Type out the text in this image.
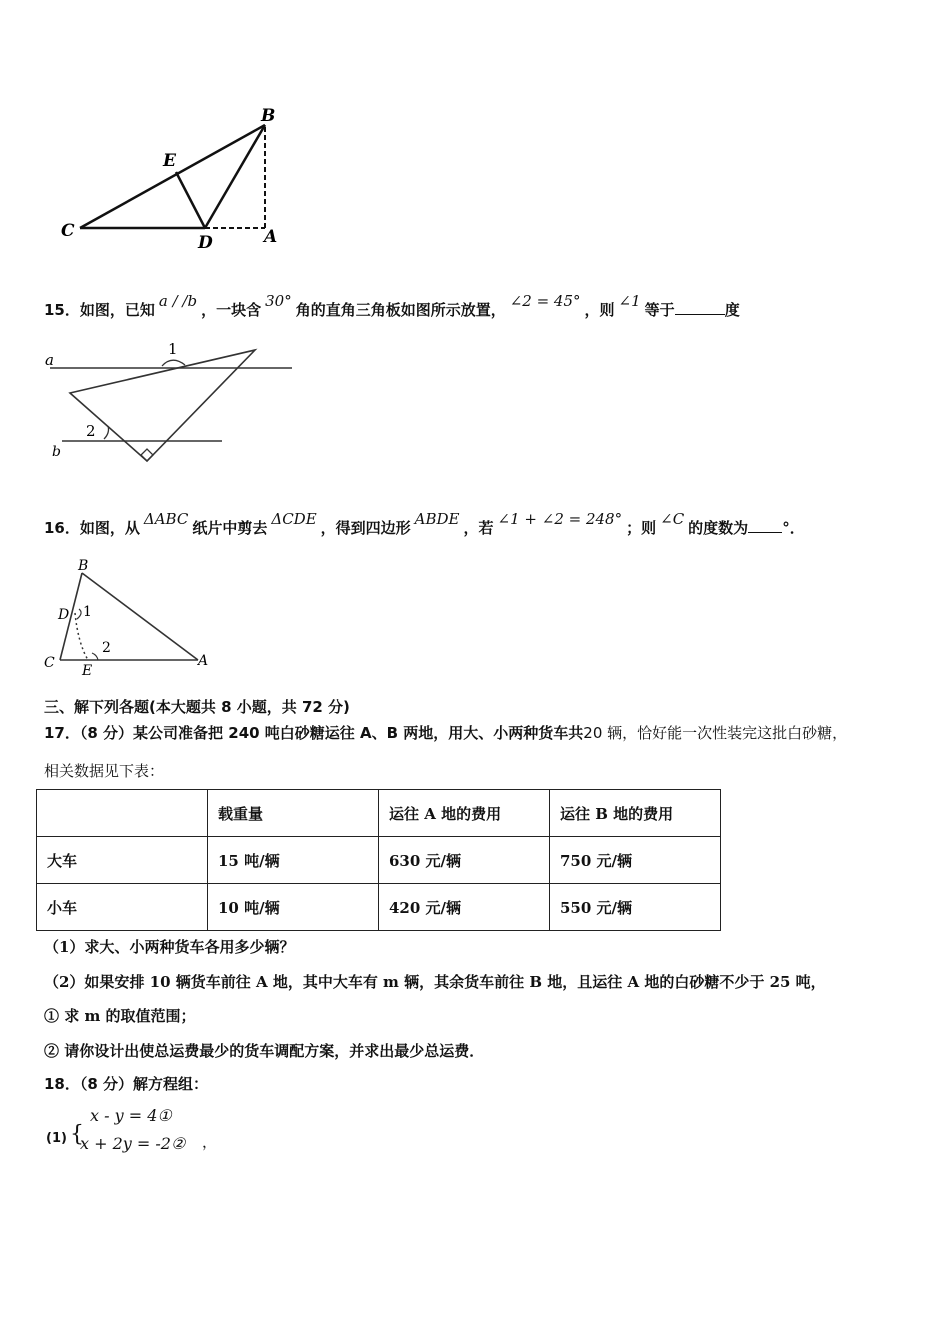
B
E
C
D	A
15．如图，已知 a / /b ，一块含 30° 角的直角三角板如图所示放置， ∠2 = 45° ，则 ∠1 等于	度
a
b
1
2
16．如图，从 ΔABC 纸片中剪去 ΔCDE ，得到四边形 ABDE ，若 ∠1 + ∠2 = 248° ；则 ∠C 的度数为 °．
B
D 1
C E
2
A
三、解下列各题(本大题共 8 小题，共 72 分)
17．（8 分）某公司准备把 240 吨白砂糖运往 A、B 两地，用大、小两种货车共20 辆，恰好能一次性装完这批白砂糖，
相关数据见下表：
	载重量	运往 A 地的费用	运往 B 地的费用
大车	15 吨/辆	630 元/辆	750 元/辆
小车	10 吨/辆	420 元/辆	550 元/辆
（1）求大、小两种货车各用多少辆？
（2）如果安排 10 辆货车前往 A 地，其中大车有 m 辆，其余货车前往 B 地，且运往 A 地的白砂糖不少于 25 吨，
① 求 m 的取值范围；
② 请你设计出使总运费最少的货车调配方案，并求出最少总运费．
18．（8 分）解方程组：
(1) {
x - y = 4①
x + 2y = -2② ，
